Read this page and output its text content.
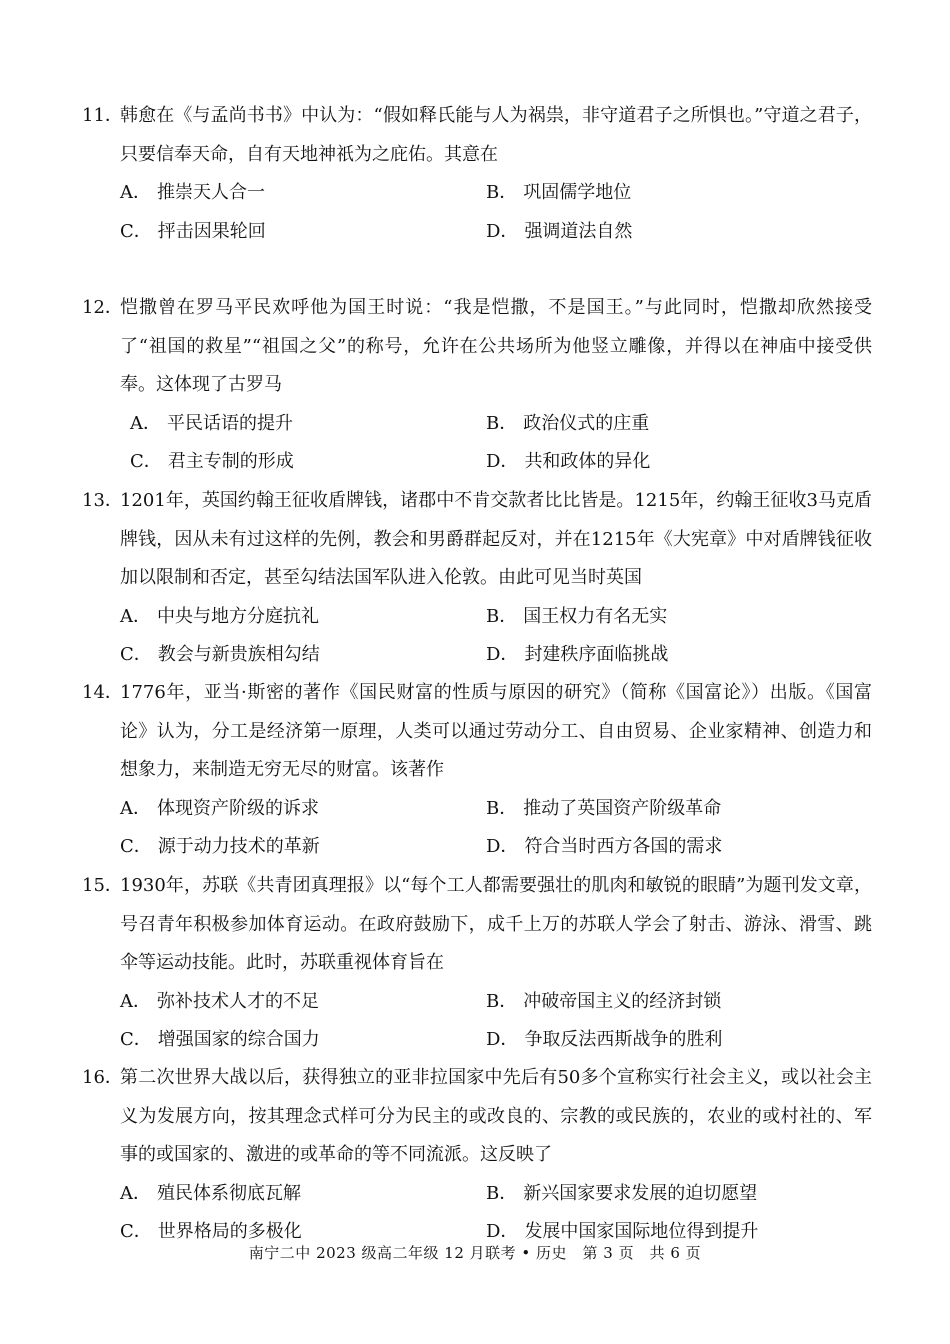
11．
韩愈在《与孟尚书书》中认为：“假如释氏能与人为祸祟，非守道君子之所惧也。”守道之君子，只要信奉天命，自有天地神祇为之庇佑。其意在
A． 推崇天人合一	B． 巩固儒学地位
C． 抨击因果轮回	D． 强调道法自然
12．
恺撒曾在罗马平民欢呼他为国王时说：“我是恺撒，不是国王。”与此同时，恺撒却欣然接受了“祖国的救星”“祖国之父”的称号，允许在公共场所为他竖立雕像，并得以在神庙中接受供奉。这体现了古罗马
A． 平民话语的提升	B． 政治仪式的庄重
C． 君主专制的形成	D． 共和政体的异化
13．
1201年，英国约翰王征收盾牌钱，诸郡中不肯交款者比比皆是。1215年，约翰王征收3马克盾牌钱，因从未有过这样的先例，教会和男爵群起反对，并在1215年《大宪章》中对盾牌钱征收加以限制和否定，甚至勾结法国军队进入伦敦。由此可见当时英国
A． 中央与地方分庭抗礼	B． 国王权力有名无实
C． 教会与新贵族相勾结	D． 封建秩序面临挑战
14．
1776年，亚当·斯密的著作《国民财富的性质与原因的研究》（简称《国富论》）出版。《国富论》认为，分工是经济第一原理，人类可以通过劳动分工、自由贸易、企业家精神、创造力和想象力，来制造无穷无尽的财富。该著作
A． 体现资产阶级的诉求	B． 推动了英国资产阶级革命
C． 源于动力技术的革新	D． 符合当时西方各国的需求
15．
1930年，苏联《共青团真理报》以“每个工人都需要强壮的肌肉和敏锐的眼睛”为题刊发文章，号召青年积极参加体育运动。在政府鼓励下，成千上万的苏联人学会了射击、游泳、滑雪、跳伞等运动技能。此时，苏联重视体育旨在
A． 弥补技术人才的不足	B． 冲破帝国主义的经济封锁
C． 增强国家的综合国力	D． 争取反法西斯战争的胜利
16．
第二次世界大战以后，获得独立的亚非拉国家中先后有50多个宣称实行社会主义，或以社会主义为发展方向，按其理念式样可分为民主的或改良的、宗教的或民族的，农业的或村社的、军事的或国家的、激进的或革命的等不同流派。这反映了
A． 殖民体系彻底瓦解	B． 新兴国家要求发展的迫切愿望
C． 世界格局的多极化	D． 发展中国家国际地位得到提升
南宁二中 2023 级高二年级 12 月联考 • 历史　第 3 页　共 6 页
